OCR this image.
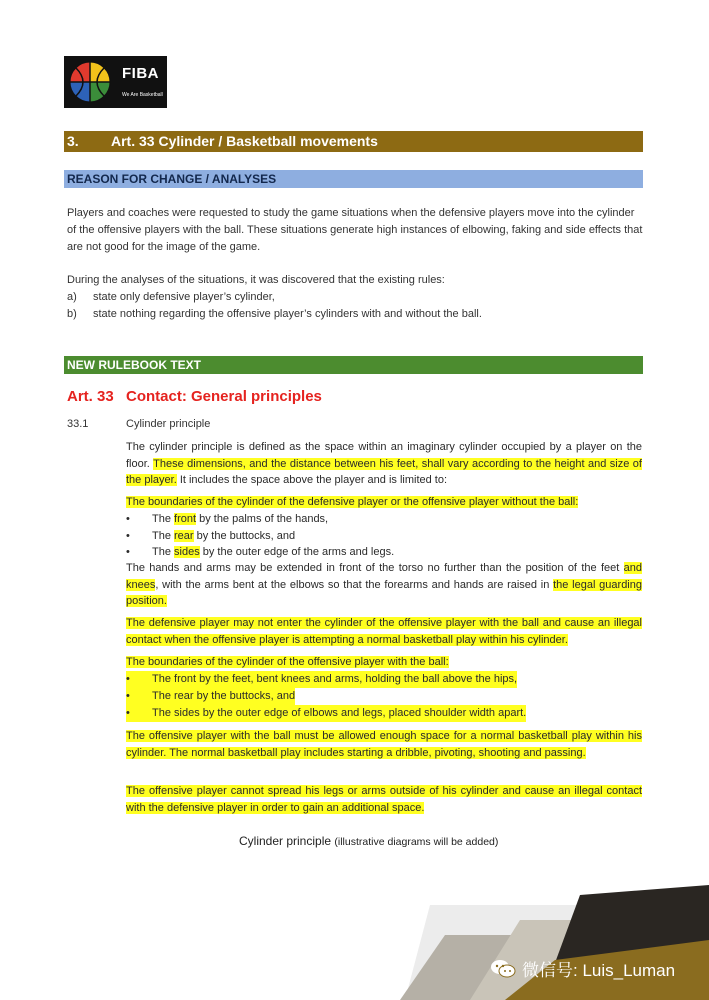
FIBA
We Are Basketball
3. Art. 33 Cylinder / Basketball movements
REASON FOR CHANGE / ANALYSES

Players and coaches were requested to study the game situations when the defensive players move into the cylinder of the offensive players with the ball. These situations generate high instances of elbowing, faking and side effects that are not good for the image of the game.

During the analyses of the situations, it was discovered that the existing rules:

a) state only defensive player’s cylinder,
b) state nothing regarding the offensive player’s cylinders with and without the ball.
NEW RULEBOOK TEXT
Art. 33 Contact: General principles
33.1	Cylinder principle
The cylinder principle is defined as the space within an imaginary cylinder occupied by a player on the floor. These dimensions, and the distance between his feet, shall vary according to the height and size of the player. It includes the space above the player and is limited to:
The boundaries of the cylinder of the defensive player or the offensive player without the ball:
• The front by the palms of the hands,
• The rear by the buttocks, and
• The sides by the outer edge of the arms and legs.
The hands and arms may be extended in front of the torso no further than the position of the feet and knees, with the arms bent at the elbows so that the forearms and hands are raised in the legal guarding position.
The defensive player may not enter the cylinder of the offensive player with the ball and cause an illegal contact when the offensive player is attempting a normal basketball play within his cylinder.
The boundaries of the cylinder of the offensive player with the ball:
• The front by the feet, bent knees and arms, holding the ball above the hips,
• The rear by the buttocks, and
• The sides by the outer edge of elbows and legs, placed shoulder width apart.
The offensive player with the ball must be allowed enough space for a normal basketball play within his cylinder. The normal basketball play includes starting a dribble, pivoting, shooting and passing.
The offensive player cannot spread his legs or arms outside of his cylinder and cause an illegal contact with the defensive player in order to gain an additional space.
Cylinder principle (illustrative diagrams will be added)
微信号: Luis_Luman
